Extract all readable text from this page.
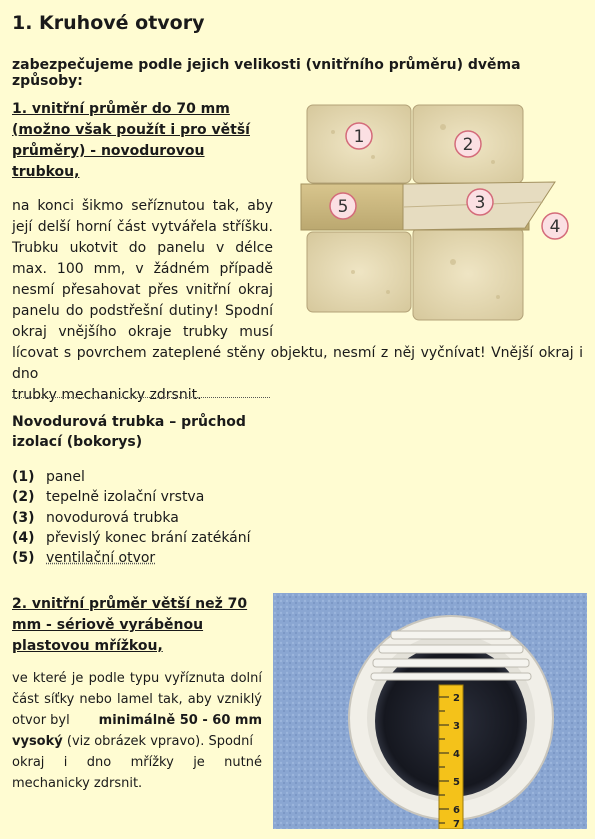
1. Kruhové otvory

zabezpečujeme podle jejich velikosti (vnitřního průměru) dvěma způsoby:

1. vnitřní průměr do 70 mm
(možno však použít i pro větší
průměry) - novodurovou
trubkou,
na konci šikmo seříznutou tak, aby
její delší horní část vytvářela stříšku.
Trubku ukotvit do panelu v délce
max. 100 mm, v žádném případě
nesmí přesahovat přes vnitřní okraj
panelu do podstřešní dutiny! Spodní
okraj vnějšího okraje trubky musí
lícovat s povrchem zateplené stěny objektu, nesmí z něj vyčnívat! Vnější okraj i dno
trubky mechanicky zdrsnit.
1	2
3
4
5
Novodurová trubka – průchod
izolací (bokorys)
(1) panel
(2) tepelně izolační vrstva
(3) novodurová trubka
(4) převislý konec brání zatékání
(5) ventilační otvor
2. vnitřní průměr větší než 70
mm - sériově vyráběnou
plastovou mřížkou,
ve které je podle typu vyříznuta dolní
část síťky nebo lamel tak, aby vzniklý
otvor byl minimálně 50 - 60 mm
vysoký (viz obrázek vpravo). Spodní
okraj i dno mřížky je nutné
mechanicky zdrsnit.
2
3
4
5
6
7
